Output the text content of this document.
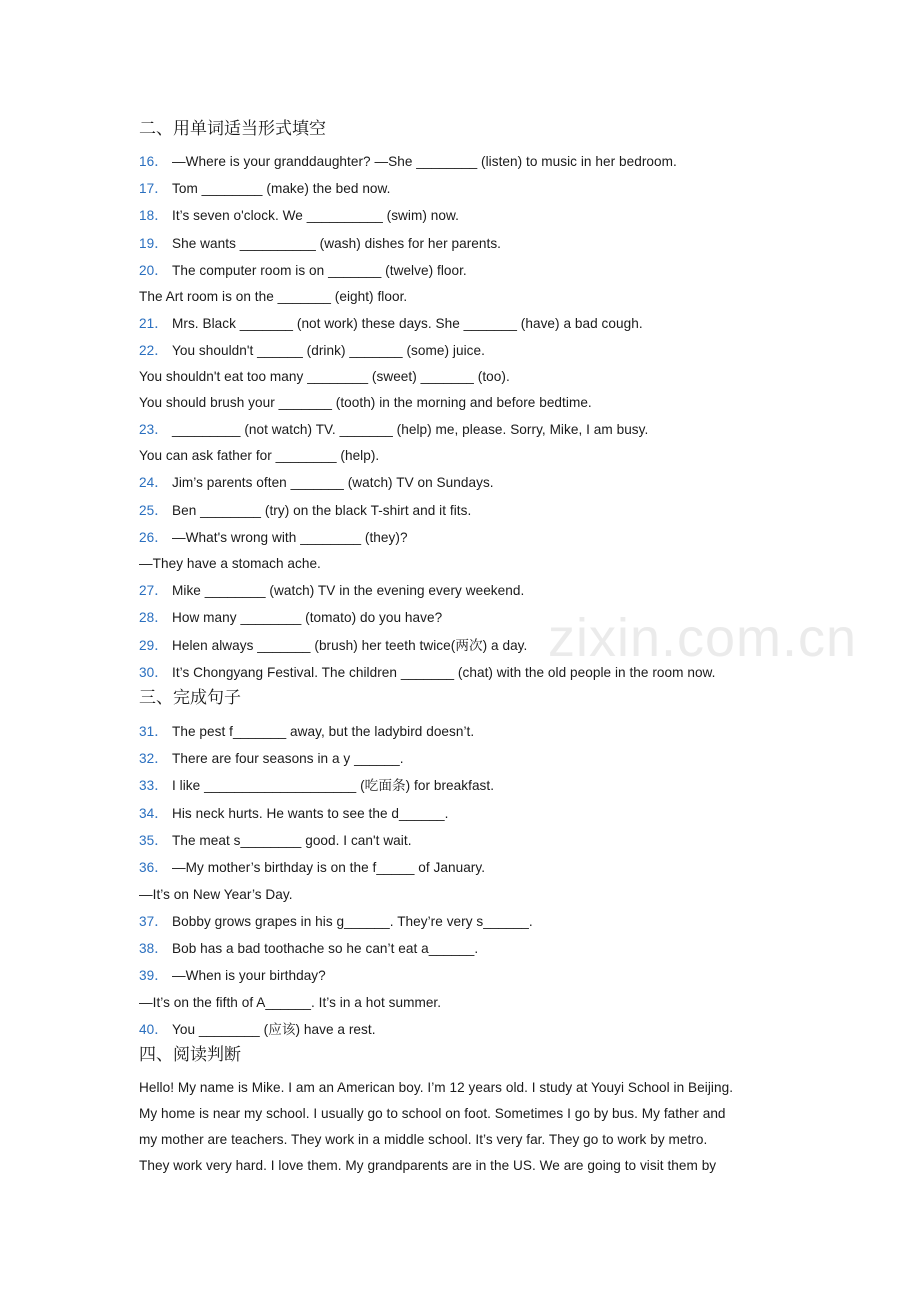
zixin.com.cn
二、用单词适当形式填空
16． —Where is your granddaughter? —She ________ (listen) to music in her bedroom.
17． Tom ________ (make) the bed now.
18． It’s seven o'clock. We __________ (swim) now.
19． She wants __________ (wash) dishes for her parents.
20． The computer room is on _______ (twelve) floor.
The Art room is on the _______ (eight) floor.
21． Mrs. Black _______ (not work) these days. She _______ (have) a bad cough.
22． You shouldn't ______ (drink) _______ (some) juice.
You shouldn't eat too many ________ (sweet) _______ (too).
You should brush your _______ (tooth) in the morning and before bedtime.
23． _________ (not watch) TV. _______ (help) me, please. Sorry, Mike, I am busy.
You can ask father for ________ (help).
24． Jim’s parents often _______ (watch) TV on Sundays.
25． Ben ________ (try) on the black T-shirt and it fits.
26． —What's wrong with ________ (they)?
—They have a stomach ache.
27． Mike ________ (watch) TV in the evening every weekend.
28． How many ________ (tomato) do you have?
29． Helen always _______ (brush) her teeth twice(两次) a day.
30． It’s Chongyang Festival. The children _______ (chat) with the old people in the room now.
三、完成句子
31． The pest f_______ away, but the ladybird doesn’t.
32． There are four seasons in a y ______.
33． I like ____________________ (吃面条) for breakfast.
34． His neck hurts. He wants to see the d______.
35． The meat s________ good. I can't wait.
36． —My mother’s birthday is on the f_____ of January.
—It’s on New Year’s Day.
37． Bobby grows grapes in his g______. They’re very s______.
38． Bob has a bad toothache so he can’t eat a______.
39． —When is your birthday?
—It’s on the fifth of A______. It’s in a hot summer.
40． You ________ (应该) have a rest.
四、阅读判断
Hello! My name is Mike. I am an American boy. I’m 12 years old. I study at Youyi School in Beijing.
My home is near my school. I usually go to school on foot. Sometimes I go by bus. My father and
my mother are teachers. They work in a middle school. It’s very far. They go to work by metro.
They work very hard. I love them. My grandparents are in the US. We are going to visit them by
